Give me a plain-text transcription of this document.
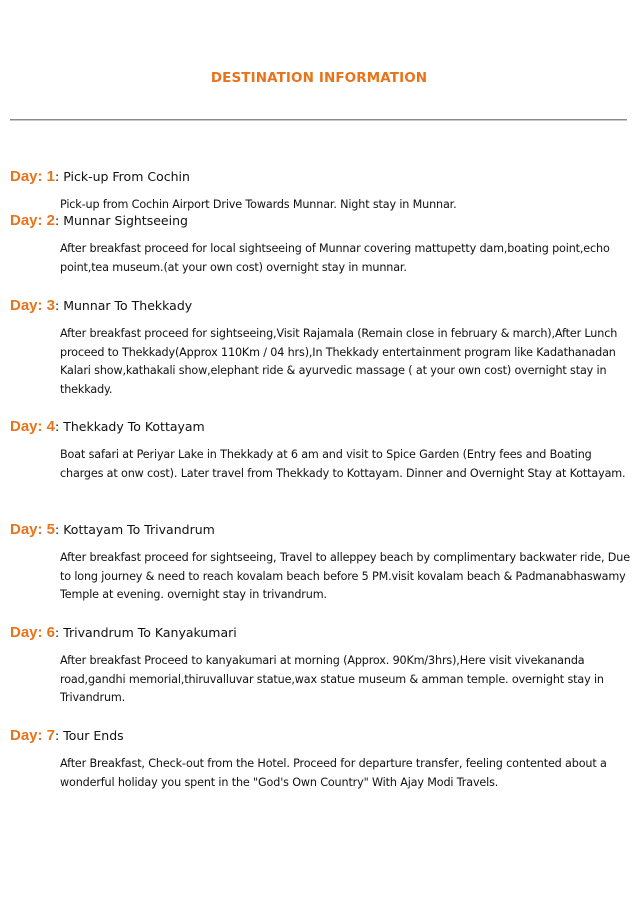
DESTINATION INFORMATION
Day: 1: Pick-up From Cochin
Pick-up from Cochin Airport Drive Towards Munnar. Night stay in Munnar.
Day: 2: Munnar Sightseeing
After breakfast proceed for local sightseeing of Munnar covering mattupetty dam,boating point,echo point,tea museum.(at your own cost) overnight stay in munnar.
Day: 3: Munnar To Thekkady
After breakfast proceed for sightseeing,Visit Rajamala (Remain close in february & march),After Lunch proceed to Thekkady(Approx 110Km / 04 hrs),In Thekkady entertainment program like Kadathanadan Kalari show,kathakali show,elephant ride & ayurvedic massage ( at your own cost) overnight stay in thekkady.
Day: 4: Thekkady To Kottayam
Boat safari at Periyar Lake in Thekkady at 6 am and visit to Spice Garden (Entry fees and Boating charges at onw cost). Later travel from Thekkady to Kottayam. Dinner and Overnight Stay at Kottayam.
Day: 5: Kottayam To Trivandrum
After breakfast proceed for sightseeing, Travel to alleppey beach by complimentary backwater ride, Due to long journey & need to reach kovalam beach before 5 PM.visit kovalam beach & Padmanabhaswamy Temple at evening. overnight stay in trivandrum.
Day: 6: Trivandrum To Kanyakumari
After breakfast Proceed to kanyakumari at morning (Approx. 90Km/3hrs),Here visit vivekananda road,gandhi memorial,thiruvalluvar statue,wax statue museum & amman temple. overnight stay in Trivandrum.
Day: 7: Tour Ends
After Breakfast, Check-out from the Hotel. Proceed for departure transfer, feeling contented about a wonderful holiday you spent in the "God's Own Country" With Ajay Modi Travels.
